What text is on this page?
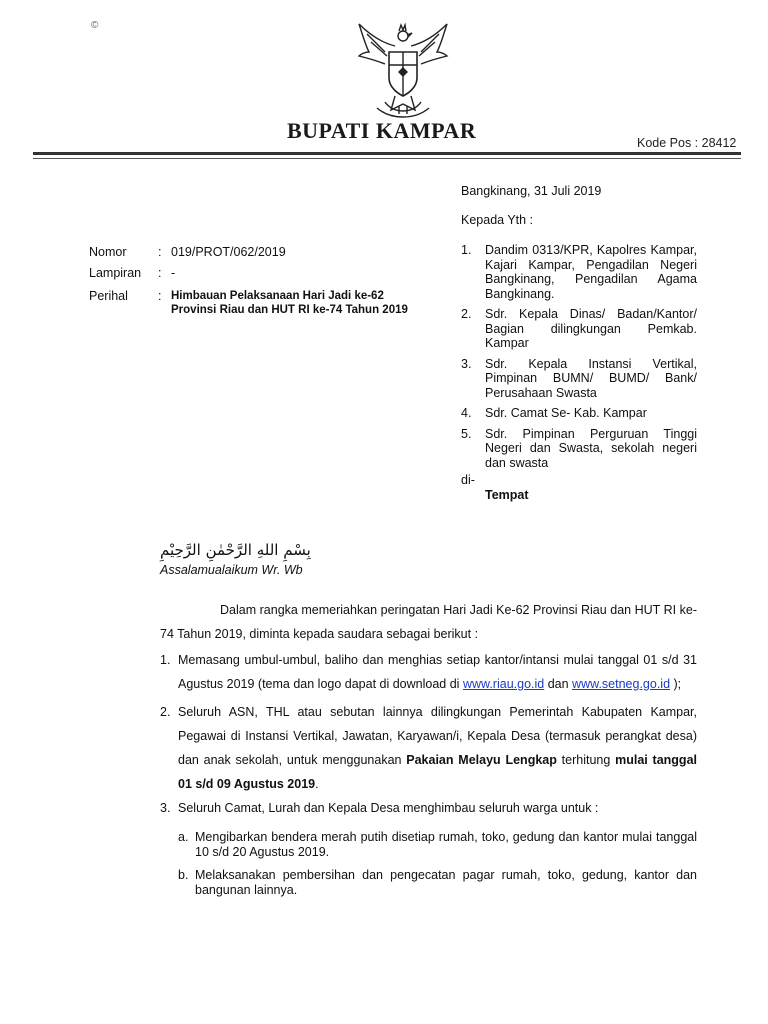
©
BUPATI KAMPAR	Kode Pos : 28412
Bangkinang, 31 Juli 2019
Kepada Yth :
Nomor	: 019/PROT/062/2019
Lampiran : -
Perihal : Himbauan Pelaksanaan Hari Jadi ke-62 Provinsi Riau dan HUT RI ke-74 Tahun 2019
1.	Dandim 0313/KPR, Kapolres Kampar, Kajari Kampar, Pengadilan Negeri Bangkinang, Pengadilan Agama Bangkinang.
2.	Sdr. Kepala Dinas/ Badan/Kantor/ Bagian dilingkungan Pemkab. Kampar
3.	Sdr. Kepala Instansi Vertikal, Pimpinan BUMN/ BUMD/ Bank/ Perusahaan Swasta
4.	Sdr. Camat Se- Kab. Kampar
5.	Sdr. Pimpinan Perguruan Tinggi Negeri dan Swasta, sekolah negeri dan swasta
di-
Tempat
بِسْمِ اللهِ الرَّحْمٰنِ الرَّحِيْمِ
Assalamualaikum Wr. Wb
Dalam rangka memeriahkan peringatan Hari Jadi Ke-62 Provinsi Riau dan HUT RI ke-74 Tahun 2019, diminta kepada saudara sebagai berikut :
1. Memasang umbul-umbul, baliho dan menghias setiap kantor/intansi mulai tanggal 01 s/d 31 Agustus 2019 (tema dan logo dapat di download di www.riau.go.id dan www.setneg.go.id );
2. Seluruh ASN, THL atau sebutan lainnya dilingkungan Pemerintah Kabupaten Kampar, Pegawai di Instansi Vertikal, Jawatan, Karyawan/i, Kepala Desa (termasuk perangkat desa) dan anak sekolah, untuk menggunakan Pakaian Melayu Lengkap terhitung mulai tanggal 01 s/d 09 Agustus 2019.
3. Seluruh Camat, Lurah dan Kepala Desa menghimbau seluruh warga untuk :
a. Mengibarkan bendera merah putih disetiap rumah, toko, gedung dan kantor mulai tanggal 10 s/d 20 Agustus 2019.
b. Melaksanakan pembersihan dan pengecatan pagar rumah, toko, gedung, kantor dan bangunan lainnya.
